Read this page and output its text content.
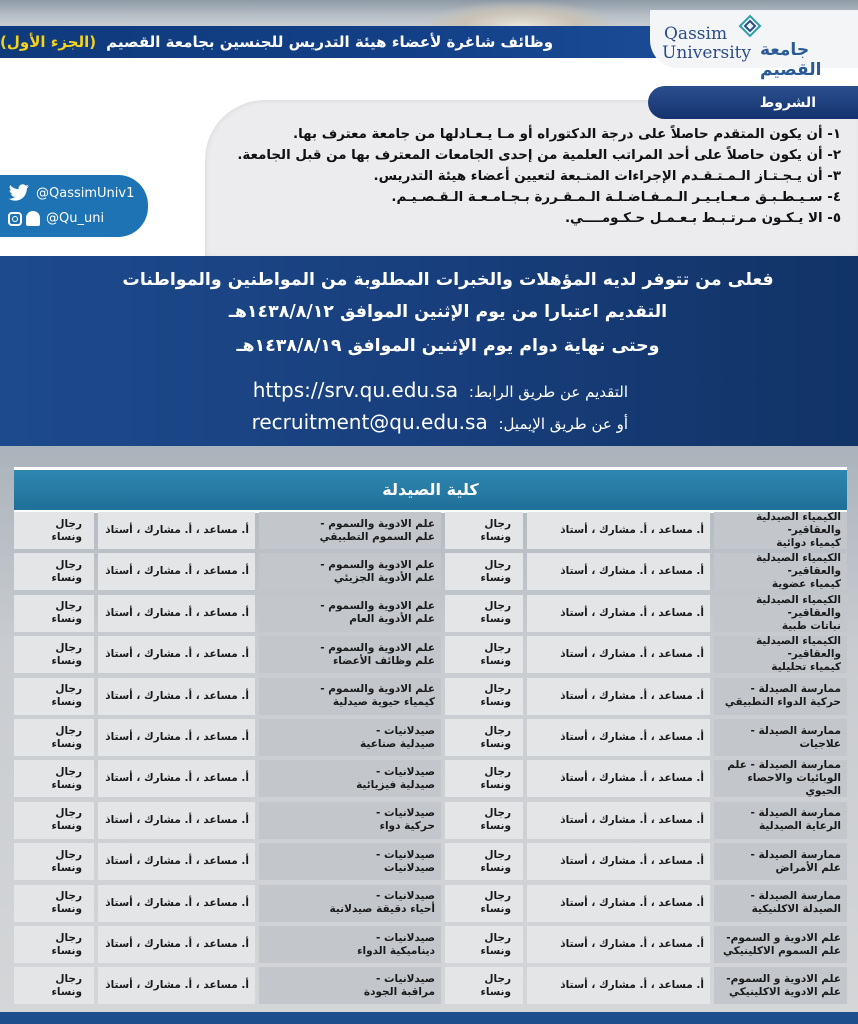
وظائف شاغرة لأعضاء هيئة التدريس للجنسين بجامعة القصيم
(الجزء الأول)	Qassim
University جامعة القصيم
الشروط
١- أن يكون المتقدم حاصلاً على درجة الدكتوراه أو مـا يـعـادلها من جامعة معترف بها.
٢- أن يكون حاصلاً على أحد المراتب العلمية من إحدى الجامعات المعترف بها من قبل الجامعة.
٣- أن يـجـتـاز الـمـتـقـدم الإجراءات المتـبعة لتعيين أعضاء هيئة التدريس.
٤- سـيـطـبـق مـعـايـيـر الـمـفـاضـلـة الـمـقـررة بـجـامـعـة الـقـصـيـم.
٥- الا يـكـون مـرتـبـط بـعـمـل حـكـومــــي.
@QassimUniv1
@Qu_uni
فعلى من تتوفر لديه المؤهلات والخبرات المطلوبة من المواطنين والمواطنات
التقديم اعتبارا من يوم الإثنين الموافق ١٤٣٨/٨/١٢هـ
وحتى نهاية دوام يوم الإثنين الموافق ١٤٣٨/٨/١٩هـ
التقديم عن طريق الرابط: https://srv.qu.edu.sa
أو عن طريق الإيميل: recruitment@qu.edu.sa
كلية الصيدلة
الكيمياء الصيدلية والعقاقير-
كيمياء دوائية
أ. مساعد ، أ. مشارك ، أستاذ
رجال
ونساء
علم الادوية والسموم -
علم السموم التطبيقي
أ. مساعد ، أ. مشارك ، أستاذ
رجال
ونساء
الكيمياء الصيدلية والعقاقير-
كيمياء عضوية
أ. مساعد ، أ. مشارك ، أستاذ
رجال
ونساء
علم الادوية والسموم -
علم الأدوية الجزيئي
أ. مساعد ، أ. مشارك ، أستاذ
رجال
ونساء
الكيمياء الصيدلية والعقاقير-
نباتات طبية
أ. مساعد ، أ. مشارك ، أستاذ
رجال
ونساء
علم الادوية والسموم -
علم الأدوية العام
أ. مساعد ، أ. مشارك ، أستاذ
رجال
ونساء
الكيمياء الصيدلية والعقاقير-
كيمياء تحليلية
أ. مساعد ، أ. مشارك ، أستاذ
رجال
ونساء
علم الادوية والسموم -
علم وظائف الأعضاء
أ. مساعد ، أ. مشارك ، أستاذ
رجال
ونساء
ممارسة الصيدلة -
حركية الدواء التطبيقي
أ. مساعد ، أ. مشارك ، أستاذ
رجال
ونساء
علم الادوية والسموم -
كيمياء حيوية صيدلية
أ. مساعد ، أ. مشارك ، أستاذ
رجال
ونساء
ممارسة الصيدلة -
علاجيات
أ. مساعد ، أ. مشارك ، أستاذ
رجال
ونساء
صيدلانيات -
صيدلية صناعية
أ. مساعد ، أ. مشارك ، أستاذ
رجال
ونساء
ممارسة الصيدلة - علم
الوبائيات والاحصاء الحيوي
أ. مساعد ، أ. مشارك ، أستاذ
رجال
ونساء
صيدلانيات -
صيدلية فيزيائية
أ. مساعد ، أ. مشارك ، أستاذ
رجال
ونساء
ممارسة الصيدلة -
الرعاية الصيدلية
أ. مساعد ، أ. مشارك ، أستاذ
رجال
ونساء
صيدلانيات -
حركية دواء
أ. مساعد ، أ. مشارك ، أستاذ
رجال
ونساء
ممارسة الصيدلة -
علم الأمراض
أ. مساعد ، أ. مشارك ، أستاذ
رجال
ونساء
صيدلانيات -
صيدلانيات
أ. مساعد ، أ. مشارك ، أستاذ
رجال
ونساء
ممارسة الصيدلة -
الصيدلة الاكلنيكية
أ. مساعد ، أ. مشارك ، أستاذ
رجال
ونساء
صيدلانيات -
أحياء دقيقة صيدلانية
أ. مساعد ، أ. مشارك ، أستاذ
رجال
ونساء
علم الادوية و السموم-
علم السموم الاكلينيكي
أ. مساعد ، أ. مشارك ، أستاذ
رجال
ونساء
صيدلانيات -
ديناميكية الدواء
أ. مساعد ، أ. مشارك ، أستاذ
رجال
ونساء
علم الادوية و السموم-
علم الادوية الاكلينيكي
أ. مساعد ، أ. مشارك ، أستاذ
رجال
ونساء
صيدلانيات -
مراقبة الجودة
أ. مساعد ، أ. مشارك ، أستاذ
رجال
ونساء
